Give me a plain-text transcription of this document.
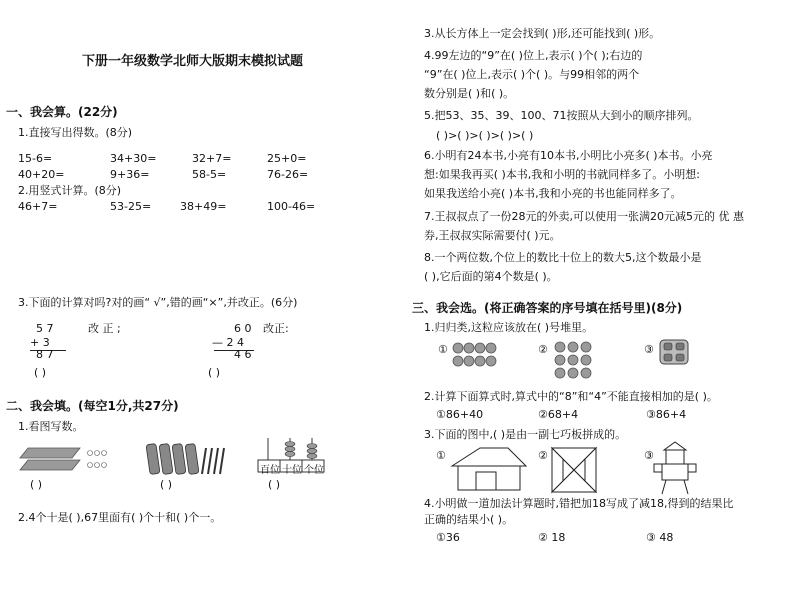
下册一年级数学北师大版期末模拟试题
一、我会算。(22分)
1.直接写出得数。(8分)
15-6=	34+30=	32+7=	25+0=
40+20=	9+36=	58-5=	76-26=
2.用竖式计算。(8分)
46+7=	53-25=	38+49=	100-46=
3.下面的计算对吗?对的画“ √”,错的画“×”,并改正。(6分)
5 7	改 正 ;
+ 3
8 7
( )
6 0 改正:
— 2 4
4 6
( )
二、我会填。(每空1分,共27分)
1.看图写数。
( )	( )
百位 十位 个位
( )
2.4个十是( ),67里面有( )个十和( )个一。
3.从长方体上一定会找到( )形,还可能找到( )形。
4.99左边的“9”在( )位上,表示( )个( );右边的
“9”在( )位上,表示( )个( )。与99相邻的两个
数分别是( )和( )。
5.把53、35、39、100、71按照从大到小的顺序排列。
( )>( )>( )>( )>( )
6.小明有24本书,小亮有10本书,小明比小亮多( )本书。小亮
想:如果我再买( )本书,我和小明的书就同样多了。小明想:
如果我送给小亮( )本书,我和小亮的书也能同样多了。
7.王叔叔点了一份28元的外卖,可以使用一张满20元减5元的 优 惠
券,王叔叔实际需要付( )元。
8.一个两位数,个位上的数比十位上的数大5,这个数最小是
( ),它后面的第4个数是( )。
三、我会选。(将正确答案的序号填在括号里)(8分)
1.归归类,这粒应该放在( )号堆里。
①	②	③
2.计算下面算式时,算式中的“8”和“4”不能直接相加的是( )。
①86+40	②68+4	③86+4
3.下面的图中,( )是由一副七巧板拼成的。
①	②	③
4.小明做一道加法计算题时,错把加18写成了减18,得到的结果比
正确的结果小( )。
①36	② 18	③ 48
